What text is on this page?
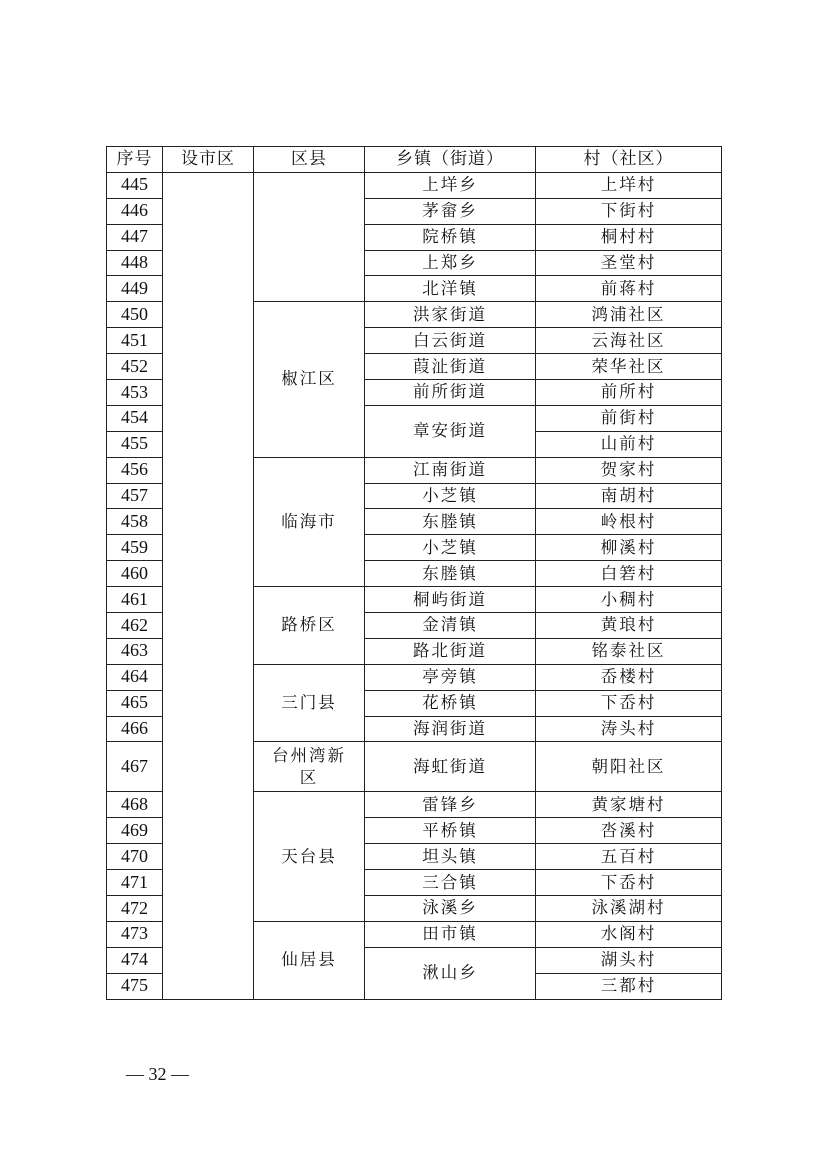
序号	设市区	区县	乡镇（街道）	村（社区）
445			上垟乡	上垟村
446			茅畲乡	下街村
447			院桥镇	桐村村
448			上郑乡	圣堂村
449			北洋镇	前蒋村
450		椒江区	洪家街道	鸿浦社区
451			白云街道	云海社区
452			葭沚街道	荣华社区
453			前所街道	前所村
454			章安街道	前街村
455				山前村
456		临海市	江南街道	贺家村
457			小芝镇	南胡村
458			东塍镇	岭根村
459			小芝镇	柳溪村
460			东塍镇	白箬村
461		路桥区	桐屿街道	小稠村
462			金清镇	黄琅村
463			路北街道	铭泰社区
464		三门县	亭旁镇	岙楼村
465			花桥镇	下岙村
466			海润街道	涛头村
467		台州湾新区	海虹街道	朝阳社区
468		天台县	雷锋乡	黄家塘村
469			平桥镇	呇溪村
470			坦头镇	五百村
471			三合镇	下岙村
472			泳溪乡	泳溪湖村
473		仙居县	田市镇	水阁村
474			湫山乡	湖头村
475				三都村
— 32 —
